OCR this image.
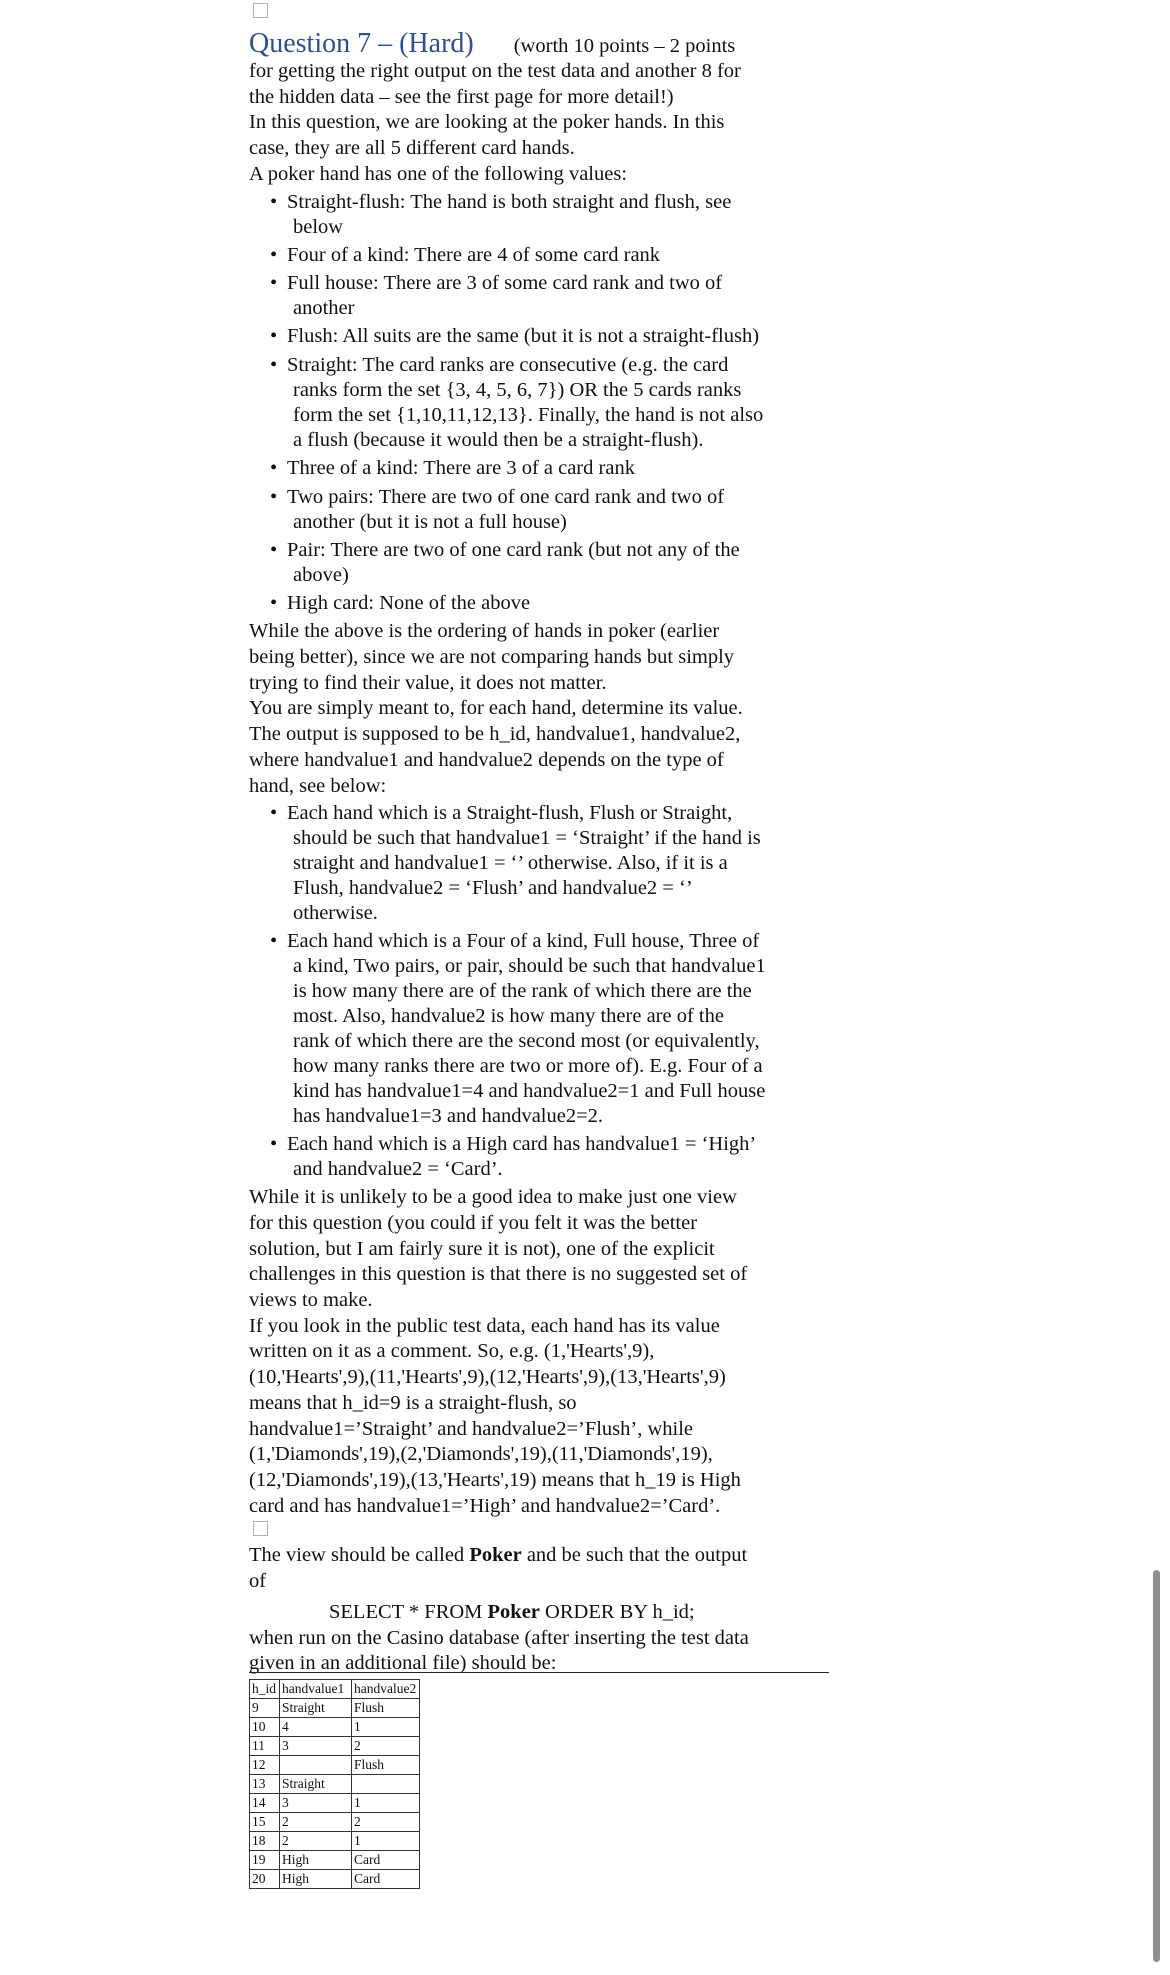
Question 7 – (Hard) (worth 10 points – 2 points

for getting the right output on the test data and another 8 for

the hidden data – see the first page for more detail!)

In this question, we are looking at the poker hands. In this

case, they are all 5 different card hands.

A poker hand has one of the following values:

• Straight-flush: The hand is both straight and flush, see
below
• Four of a kind: There are 4 of some card rank
• Full house: There are 3 of some card rank and two of
another
• Flush: All suits are the same (but it is not a straight-flush)
• Straight: The card ranks are consecutive (e.g. the card
ranks form the set {3, 4, 5, 6, 7}) OR the 5 cards ranks
form the set {1,10,11,12,13}. Finally, the hand is not also
a flush (because it would then be a straight-flush).
• Three of a kind: There are 3 of a card rank
• Two pairs: There are two of one card rank and two of
another (but it is not a full house)
• Pair: There are two of one card rank (but not any of the
above)
• High card: None of the above

While the above is the ordering of hands in poker (earlier

being better), since we are not comparing hands but simply

trying to find their value, it does not matter.

You are simply meant to, for each hand, determine its value.

The output is supposed to be h_id, handvalue1, handvalue2,

where handvalue1 and handvalue2 depends on the type of

hand, see below:

• Each hand which is a Straight-flush, Flush or Straight,
should be such that handvalue1 = ‘Straight’ if the hand is
straight and handvalue1 = ‘’ otherwise. Also, if it is a
Flush, handvalue2 = ‘Flush’ and handvalue2 = ‘’
otherwise.
• Each hand which is a Four of a kind, Full house, Three of
a kind, Two pairs, or pair, should be such that handvalue1
is how many there are of the rank of which there are the
most. Also, handvalue2 is how many there are of the
rank of which there are the second most (or equivalently,
how many ranks there are two or more of). E.g. Four of a
kind has handvalue1=4 and handvalue2=1 and Full house
has handvalue1=3 and handvalue2=2.
• Each hand which is a High card has handvalue1 = ‘High’
and handvalue2 = ‘Card’.

While it is unlikely to be a good idea to make just one view

for this question (you could if you felt it was the better

solution, but I am fairly sure it is not), one of the explicit

challenges in this question is that there is no suggested set of

views to make.

If you look in the public test data, each hand has its value

written on it as a comment. So, e.g. (1,'Hearts',9),

(10,'Hearts',9),(11,'Hearts',9),(12,'Hearts',9),(13,'Hearts',9)

means that h_id=9 is a straight-flush, so

handvalue1=’Straight’ and handvalue2=’Flush’, while

(1,'Diamonds',19),(2,'Diamonds',19),(11,'Diamonds',19),

(12,'Diamonds',19),(13,'Hearts',19) means that h_19 is High

card and has handvalue1=’High’ and handvalue2=’Card’.

The view should be called Poker and be such that the output

of

SELECT * FROM Poker ORDER BY h_id;

when run on the Casino database (after inserting the test data

given in an additional file) should be:

h_id	handvalue1	handvalue2
9	Straight	Flush
10	4	1
11	3	2
12		Flush
13	Straight	
14	3	1
15	2	2
18	2	1
19	High	Card
20	High	Card
